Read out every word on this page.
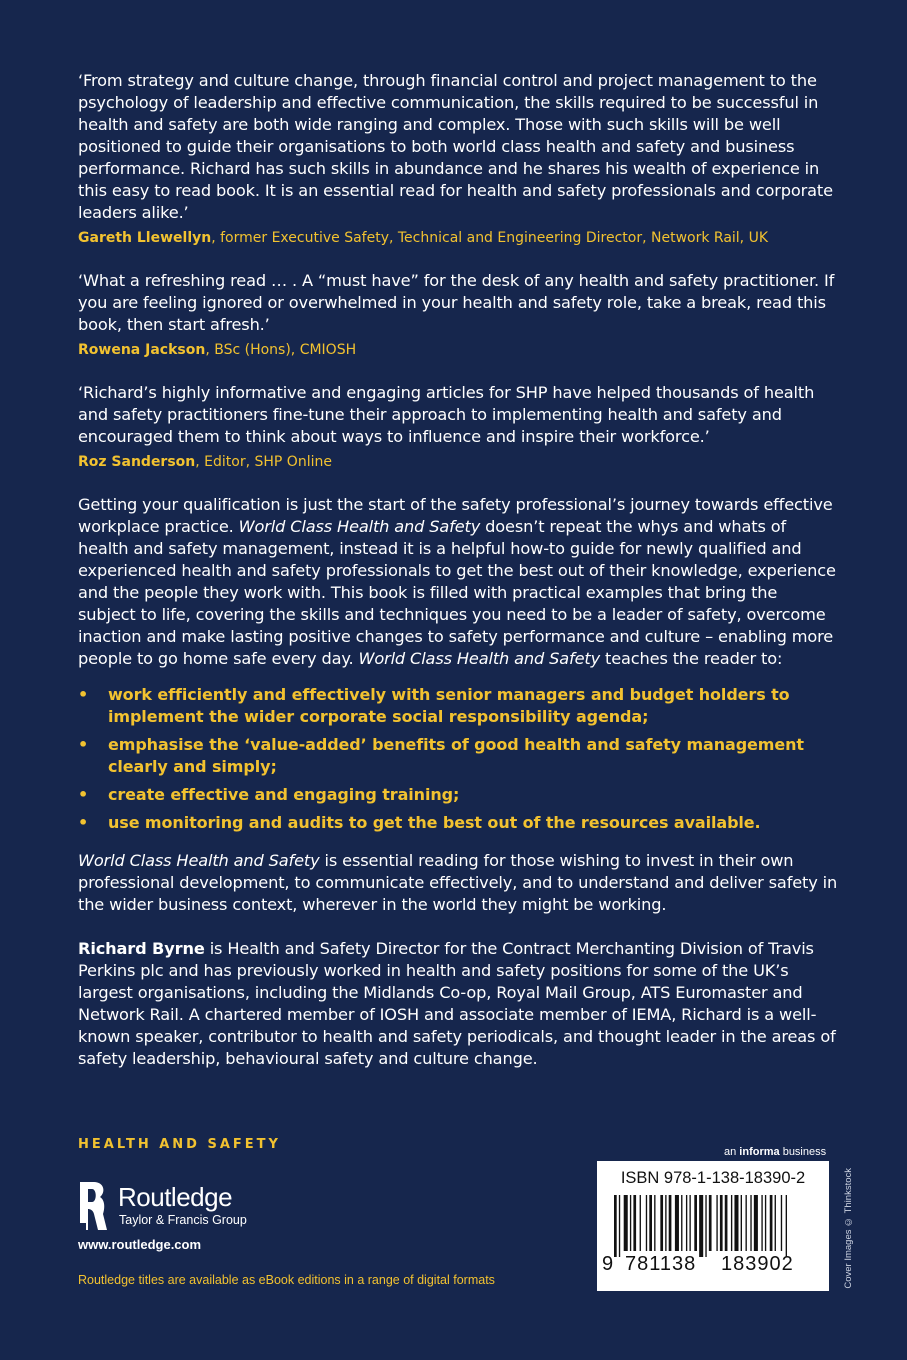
‘From strategy and culture change, through financial control and project management to the psychology of leadership and effective communication, the skills required to be successful in health and safety are both wide ranging and complex. Those with such skills will be well positioned to guide their organisations to both world class health and safety and business performance. Richard has such skills in abundance and he shares his wealth of experience in this easy to read book. It is an essential read for health and safety professionals and corporate leaders alike.’

Gareth Llewellyn, former Executive Safety, Technical and Engineering Director, Network Rail, UK

‘What a refreshing read … . A “must have” for the desk of any health and safety practitioner. If you are feeling ignored or overwhelmed in your health and safety role, take a break, read this book, then start afresh.’

Rowena Jackson, BSc (Hons), CMIOSH

‘Richard’s highly informative and engaging articles for SHP have helped thousands of health and safety practitioners fine-tune their approach to implementing health and safety and encouraged them to think about ways to influence and inspire their workforce.’

Roz Sanderson, Editor, SHP Online

Getting your qualification is just the start of the safety professional’s journey towards effective workplace practice. World Class Health and Safety doesn’t repeat the whys and whats of health and safety management, instead it is a helpful how-to guide for newly qualified and experienced health and safety professionals to get the best out of their knowledge, experience and the people they work with. This book is filled with practical examples that bring the subject to life, covering the skills and techniques you need to be a leader of safety, overcome inaction and make lasting positive changes to safety performance and culture – enabling more people to go home safe every day. World Class Health and Safety teaches the reader to:

• work efficiently and effectively with senior managers and budget holders to implement the wider corporate social responsibility agenda;
• emphasise the ‘value-added’ benefits of good health and safety management clearly and simply;
• create effective and engaging training;
• use monitoring and audits to get the best out of the resources available.

World Class Health and Safety is essential reading for those wishing to invest in their own professional development, to communicate effectively, and to understand and deliver safety in the wider business context, wherever in the world they might be working.

Richard Byrne is Health and Safety Director for the Contract Merchanting Division of Travis Perkins plc and has previously worked in health and safety positions for some of the UK’s largest organisations, including the Midlands Co-op, Royal Mail Group, ATS Euromaster and Network Rail. A chartered member of IOSH and associate member of IEMA, Richard is a well-known speaker, contributor to health and safety periodicals, and thought leader in the areas of safety leadership, behavioural safety and culture change.

HEALTH AND SAFETY
Routledge
Taylor & Francis Group
www.routledge.com
Routledge titles are available as eBook editions in a range of digital formats
an informa business
ISBN 978-1-138-18390-2
9 781138 183902	Cover Images © Thinkstock
